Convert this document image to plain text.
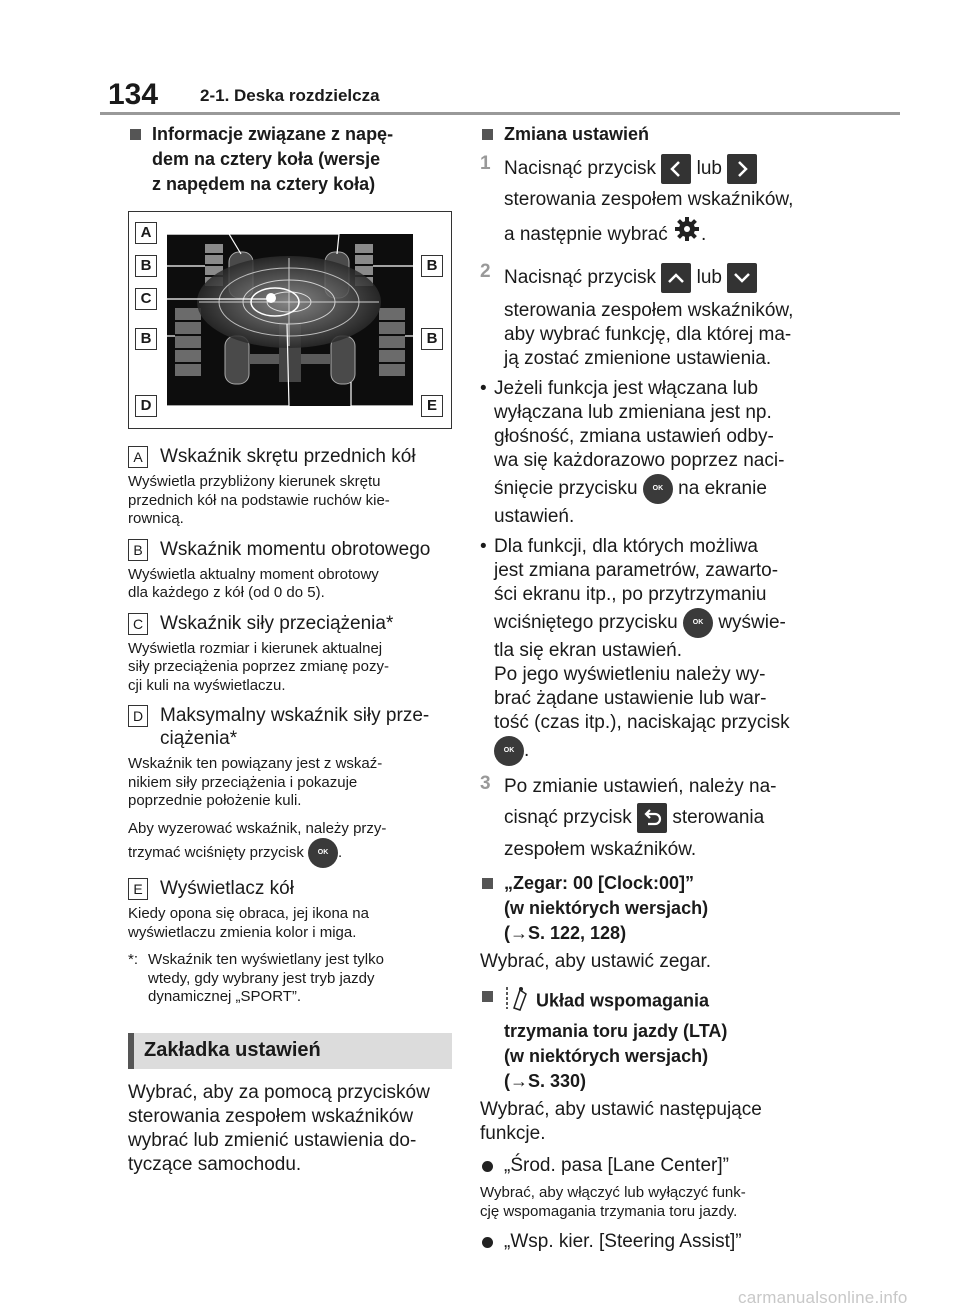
134 2-1. Deska rozdzielcza
Informacje związane z napę-
dem na cztery koła (wersje
z napędem na cztery koła)
A
B	B
C
B	B
D	E
A Wskaźnik skrętu przednich kół
Wyświetla przybliżony kierunek skrętu
przednich kół na podstawie ruchów kie-
rownicą.
B Wskaźnik momentu obrotowego
Wyświetla aktualny moment obrotowy
dla każdego z kół (od 0 do 5).
C Wskaźnik siły przeciążenia*
Wyświetla rozmiar i kierunek aktualnej
siły przeciążenia poprzez zmianę pozy-
cji kuli na wyświetlaczu.
D Maksymalny wskaźnik siły prze-
ciążenia*
Wskaźnik ten powiązany jest z wskaź-
nikiem siły przeciążenia i pokazuje
poprzednie położenie kuli.
Aby wyzerować wskaźnik, należy przy-
trzymać wciśnięty przycisk OK .
E Wyświetlacz kół
Kiedy opona się obraca, jej ikona na
wyświetlaczu zmienia kolor i miga.
*: Wskaźnik ten wyświetlany jest tylko
wtedy, gdy wybrany jest tryb jazdy
dynamicznej „SPORT”.
Zakładka ustawień
Wybrać, aby za pomocą przycisków
sterowania zespołem wskaźników
wybrać lub zmienić ustawienia do-
tyczące samochodu.
Zmiana ustawień
1 Nacisnąć przycisk lub
sterowania zespołem wskaźników,
a następnie wybrać .
2 Nacisnąć przycisk lub
sterowania zespołem wskaźników,
aby wybrać funkcję, dla której ma-
ją zostać zmienione ustawienia.
• Jeżeli funkcja jest włączana lub
wyłączana lub zmieniana jest np.
głośność, zmiana ustawień odby-
wa się każdorazowo poprzez naci-
śnięcie przycisku OK na ekranie
ustawień.
• Dla funkcji, dla których możliwa
jest zmiana parametrów, zawarto-
ści ekranu itp., po przytrzymaniu
wciśniętego przycisku OK wyświe-
tla się ekran ustawień.
Po jego wyświetleniu należy wy-
brać żądane ustawienie lub war-
tość (czas itp.), naciskając przycisk
OK .
3 Po zmianie ustawień, należy na-
cisnąć przycisk sterowania
zespołem wskaźników.
„Zegar: 00 [Clock:00]”
(w niektórych wersjach)
(→S. 122, 128)
Wybrać, aby ustawić zegar.
Układ wspomagania
trzymania toru jazdy (LTA)
(w niektórych wersjach)
(→S. 330)
Wybrać, aby ustawić następujące
funkcje.
„Środ. pasa [Lane Center]”
Wybrać, aby włączyć lub wyłączyć funk-
cję wspomagania trzymania toru jazdy.
„Wsp. kier. [Steering Assist]”
carmanualsonline.info
